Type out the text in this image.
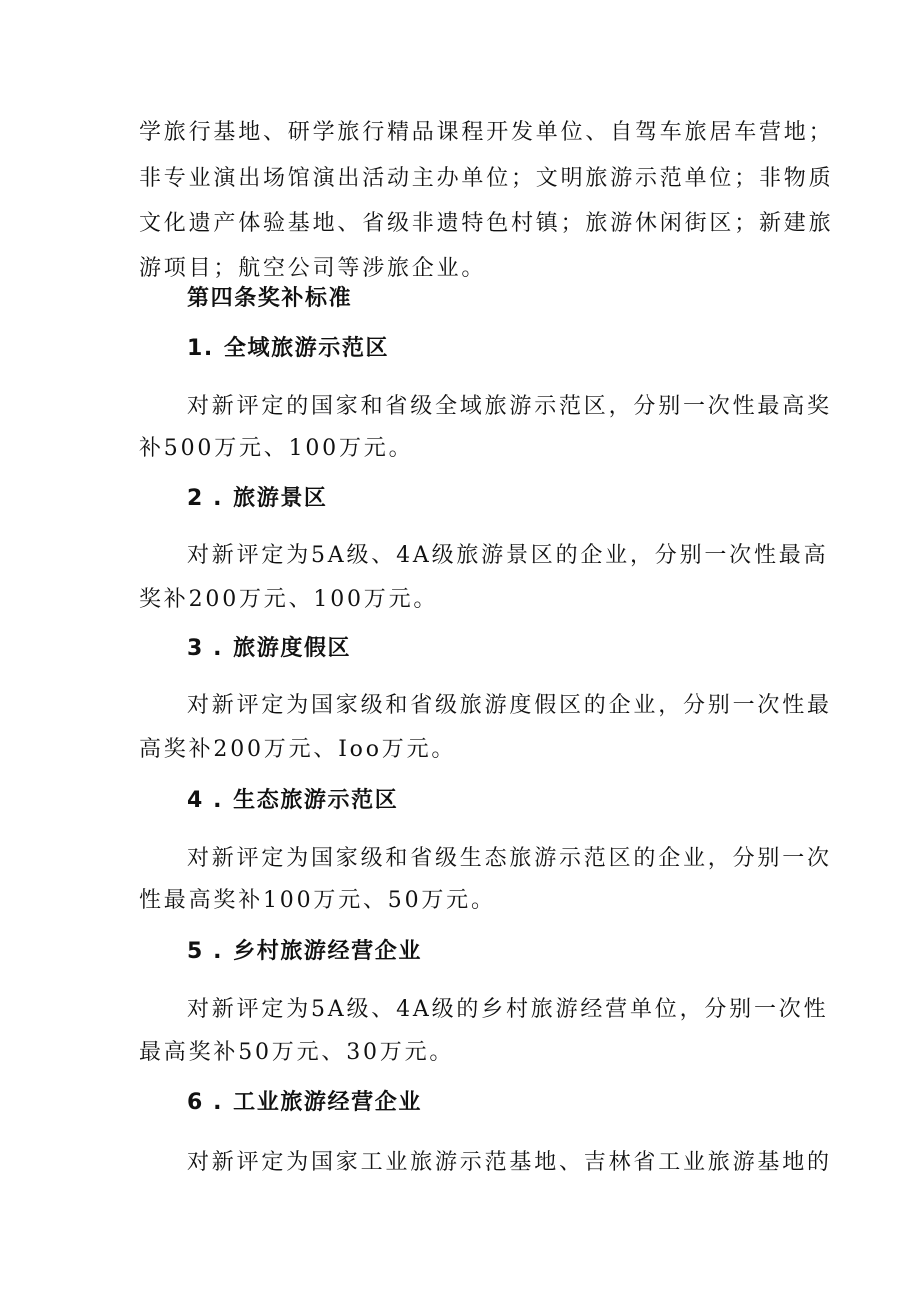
学旅行基地、研学旅行精品课程开发单位、自驾车旅居车营地；
非专业演出场馆演出活动主办单位；文明旅游示范单位；非物质
文化遗产体验基地、省级非遗特色村镇；旅游休闲街区；新建旅
游项目；航空公司等涉旅企业。
第四条奖补标准
1. 全域旅游示范区
对新评定的国家和省级全域旅游示范区，分别一次性最高奖
补500万元、100万元。
2 . 旅游景区
对新评定为5A级、4A级旅游景区的企业，分别一次性最高
奖补200万元、100万元。
3 . 旅游度假区
对新评定为国家级和省级旅游度假区的企业，分别一次性最
高奖补200万元、Ioo万元。
4 . 生态旅游示范区
对新评定为国家级和省级生态旅游示范区的企业，分别一次
性最高奖补100万元、50万元。
5 . 乡村旅游经营企业
对新评定为5A级、4A级的乡村旅游经营单位，分别一次性
最高奖补50万元、30万元。
6 . 工业旅游经营企业
对新评定为国家工业旅游示范基地、吉林省工业旅游基地的
